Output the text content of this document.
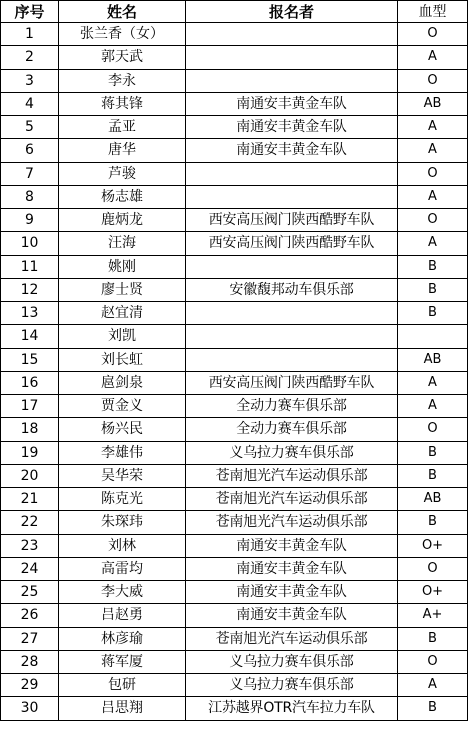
序号	姓名	报名者	血型
1	张兰香（女）		O
2	郭天武		A
3	李永		O
4	蒋其锋	南通安丰黄金车队	AB
5	孟亚	南通安丰黄金车队	A
6	唐华	南通安丰黄金车队	A
7	芦骏		O
8	杨志雄		A
9	鹿炳龙	西安高压阀门陕西酷野车队	O
10	汪海	西安高压阀门陕西酷野车队	A
11	姚刚		B
12	廖士贤	安徽馥邦动车俱乐部	B
13	赵宜清		B
14	刘凯		
15	刘长虹		AB
16	扈剑泉	西安高压阀门陕西酷野车队	A
17	贾金义	全动力赛车俱乐部	A
18	杨兴民	全动力赛车俱乐部	O
19	李雄伟	义乌拉力赛车俱乐部	B
20	吴华荣	苍南旭光汽车运动俱乐部	B
21	陈克光	苍南旭光汽车运动俱乐部	AB
22	朱琛玮	苍南旭光汽车运动俱乐部	B
23	刘林	南通安丰黄金车队	O+
24	高雷均	南通安丰黄金车队	O
25	李大威	南通安丰黄金车队	O+
26	吕赵勇	南通安丰黄金车队	A+
27	林彦瑜	苍南旭光汽车运动俱乐部	B
28	蒋军厦	义乌拉力赛车俱乐部	O
29	包研	义乌拉力赛车俱乐部	A
30	吕思翔	江苏越界OTR汽车拉力车队	B
